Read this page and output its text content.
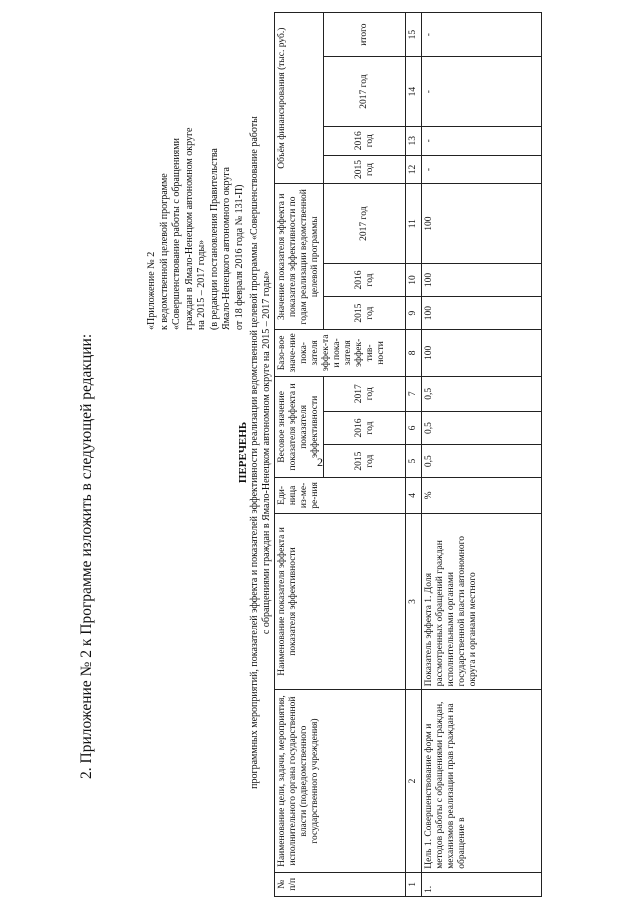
2
2. Приложение № 2 к Программе изложить в следующей редакции:
«Приложение № 2 к ведомственной целевой программе «Совершенствование работы с обращениями граждан в Ямало-Ненецком автономном округе на 2015 – 2017 годы» (в редакции постановления Правительства Ямало-Ненецкого автономного округа от 18 февраля 2016 года № 131-П)
ПЕРЕЧЕНЬ программных мероприятий, показателей эффекта и показателей эффективности реализации ведомственной целевой программы «Совершенствование работы с обращениями граждан в Ямало-Ненецком автономном округе на 2015 – 2017 годы»
№ п/п	Наименование цели, задачи, мероприятия, исполнительного органа государственной власти (подведомственного государственного учреждения)	Наименование показателя эффекта и показателя эффективности	Еди-ница из-ме-ре-ния	Весовое значение показателя эффекта и показателя эффективности			Базо-вое значе-ние пока-зателя эффек-та и пока-зателя эффек-тив-ности	Значение показателя эффекта и показателя эффективности по годам реализации ведомственной целевой программы			Объём финансирования (тыс. руб.)			
				2015 год	2016 год	2017 год		2015 год	2016 год	2017 год	2015 год	2016 год	2017 год	итого
1	2	3	4	5	6	7	8	9	10	11	12	13	14	15
1.	Цель 1. Совершенствование форм и методов работы с обращениями граждан, механизмов реализации прав граждан на обращение в	Показатель эффекта 1. Доля рассмотренных обращений граждан исполнительными органами государственной власти автономного округа и органами местного	%	0,5	0,5	0,5	100	100	100	100	-	-	-	-
